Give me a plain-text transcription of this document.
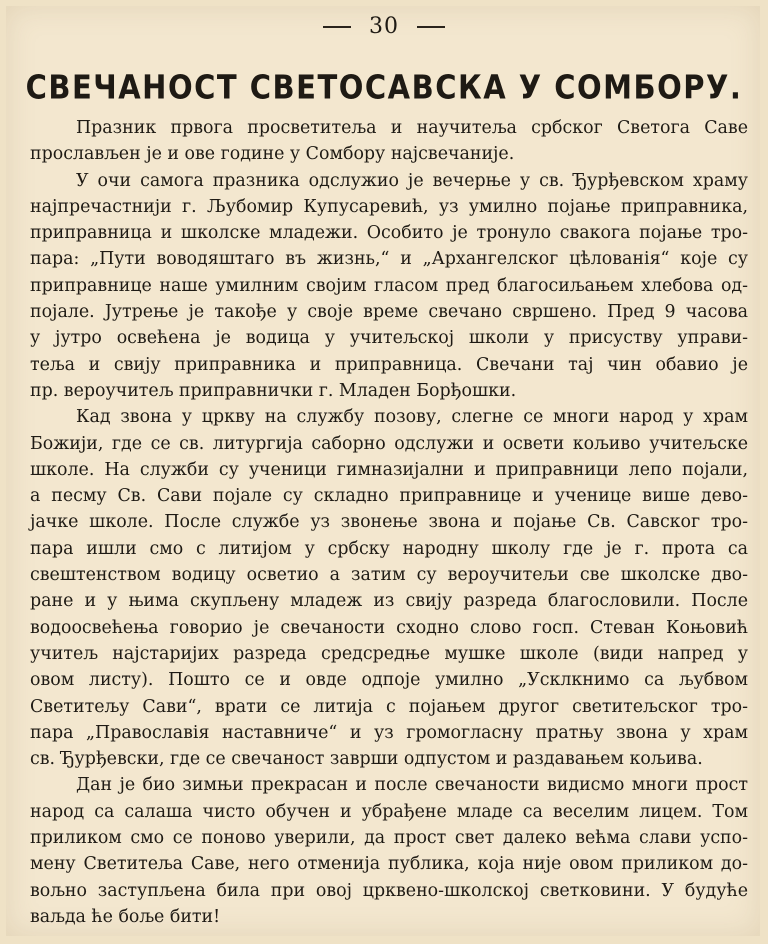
30
СВЕЧАНОСТ СВЕТОСАВСКА У СОМБОРУ.
Празник првога просветитеља и научитеља србског Светога Саве
прослављен је и ове године у Сомбору најсвечаније.
У очи самога празника одслужио је вечерње у св. Ђурђевском храму
најпречастнији г. Љубомир Купусаревић, уз умилно појање приправника,
приправница и школске младежи. Особито је тронуло свакога појање тро-
пара: „Пути вoводяштаго въ жизнь,“ и „Архангелског цѣлованія“ које су
приправнице наше умилним својим гласом пред благосиљањем хлебова од-
појале. Јутрење је такође у своје време свечано свршено. Пред 9 часова
у јутро освећена је водица у учитељској школи у присуству управи-
теља и свију приправника и приправница. Свечани тај чин обавио је
пр. вероучитељ приправнички г. Младен Борђошки.
Кад звона у цркву на службу позову, слегне се многи народ у храм
Божији, где се св. литургија саборно одслужи и освети кољиво учитељске
школе. На служби су ученици гимназијални и приправници лепо појали,
а песму Св. Сави појале су складно приправнице и ученице више дево-
јачке школе. После службе уз звонење звона и појање Св. Савског тро-
пара ишли смо с литијом у србску народну школу где је г. прота са
свештенством водицу осветио а затим су вероучитељи све школске дво-
ране и у њима скупљену младеж из свију разреда благословили. После
водоосвећења говорио је свечаности сходно слово госп. Стеван Коњовић
учитељ најстаријих разреда средсредње мушке школе (види напред у
овом листу). Пошто се и овде одпоје умилно „Усклкнимо са љубвом
Светитељу Сави“, врати се литија с појањем другог светитељског тро-
пара „Православія наставниче“ и уз громогласну пратњу звона у храм
св. Ђурђевски, где се свечаност заврши одпустом и раздавањем кољива.
Дан је био зимњи прекрасан и после свечаности видисмо многи прост
народ са салаша чисто обучен и убрађене младе са веселим лицем. Том
приликом смо се поново уверили, да прост свет далеко већма слави успо-
мену Светитеља Саве, него отменија публика, која није овом приликом до-
вољно заступљена била при овој црквено-школској светковини. У будуће
ваљда ће боље бити!
